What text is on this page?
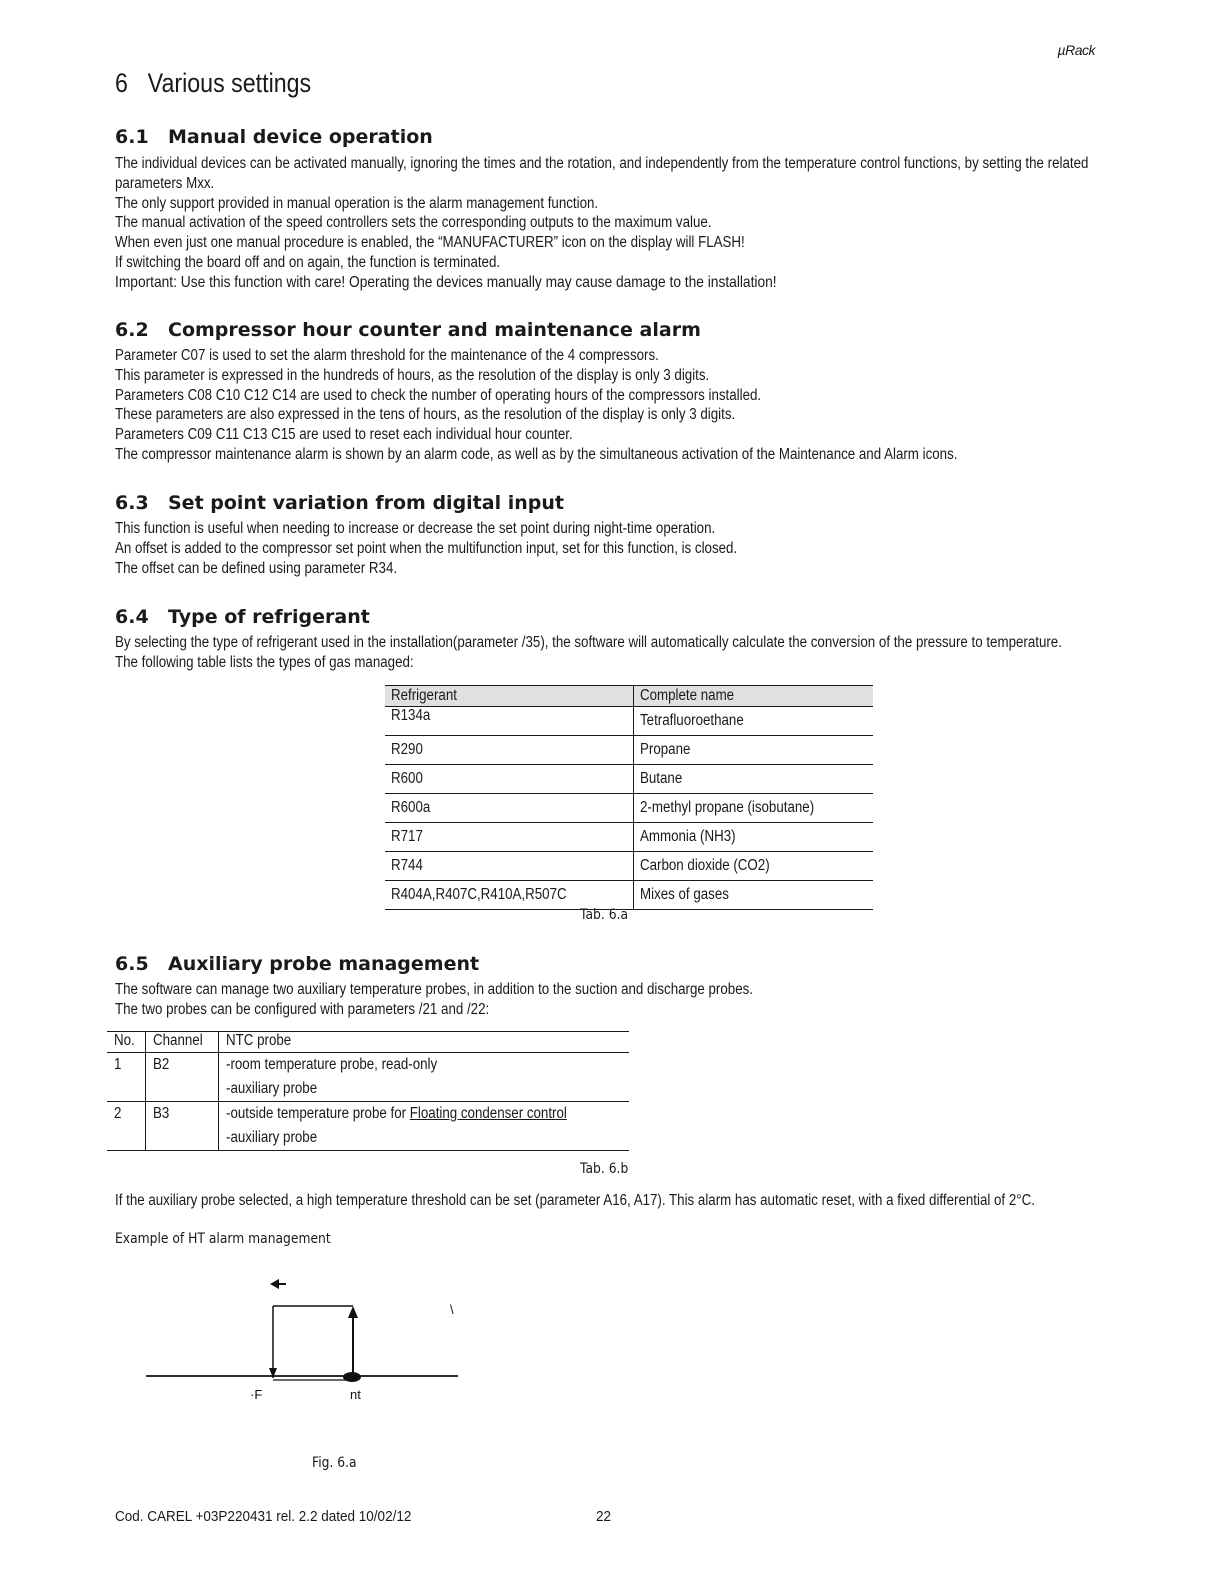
µRack
6 Various settings
6.1 Manual device operation
The individual devices can be activated manually, ignoring the times and the rotation, and independently from the temperature control functions, by setting the related
parameters Mxx.
The only support provided in manual operation is the alarm management function.
The manual activation of the speed controllers sets the corresponding outputs to the maximum value.
When even just one manual procedure is enabled, the “MANUFACTURER” icon on the display will FLASH!
If switching the board off and on again, the function is terminated.
Important: Use this function with care! Operating the devices manually may cause damage to the installation!
6.2 Compressor hour counter and maintenance alarm
Parameter C07 is used to set the alarm threshold for the maintenance of the 4 compressors.
This parameter is expressed in the hundreds of hours, as the resolution of the display is only 3 digits.
Parameters C08 C10 C12 C14 are used to check the number of operating hours of the compressors installed.
These parameters are also expressed in the tens of hours, as the resolution of the display is only 3 digits.
Parameters C09 C11 C13 C15 are used to reset each individual hour counter.
The compressor maintenance alarm is shown by an alarm code, as well as by the simultaneous activation of the Maintenance and Alarm icons.
6.3 Set point variation from digital input
This function is useful when needing to increase or decrease the set point during night-time operation.
An offset is added to the compressor set point when the multifunction input, set for this function, is closed.
The offset can be defined using parameter R34.
6.4 Type of refrigerant
By selecting the type of refrigerant used in the installation(parameter /35), the software will automatically calculate the conversion of the pressure to temperature.
The following table lists the types of gas managed:
Refrigerant	Complete name
R134a	Tetrafluoroethane
R290	Propane
R600	Butane
R600a	2-methyl propane (isobutane)
R717	Ammonia (NH3)
R744	Carbon dioxide (CO2)
R404A,R407C,R410A,R507C	Mixes of gases
Tab. 6.a
6.5 Auxiliary probe management
The software can manage two auxiliary temperature probes, in addition to the suction and discharge probes.
The two probes can be configured with parameters /21 and /22:
No.	Channel	NTC probe
1	B2	-room temperature probe, read-only
-auxiliary probe

2	B3	-outside temperature probe for Floating condenser control
-auxiliary probe
Tab. 6.b
If the auxiliary probe selected, a high temperature threshold can be set (parameter A16, A17). This alarm has automatic reset, with a fixed differential of 2°C.
Example of HT alarm management
·F	nt
\
Fig. 6.a
Cod. CAREL +03P220431 rel. 2.2 dated 10/02/12	22
